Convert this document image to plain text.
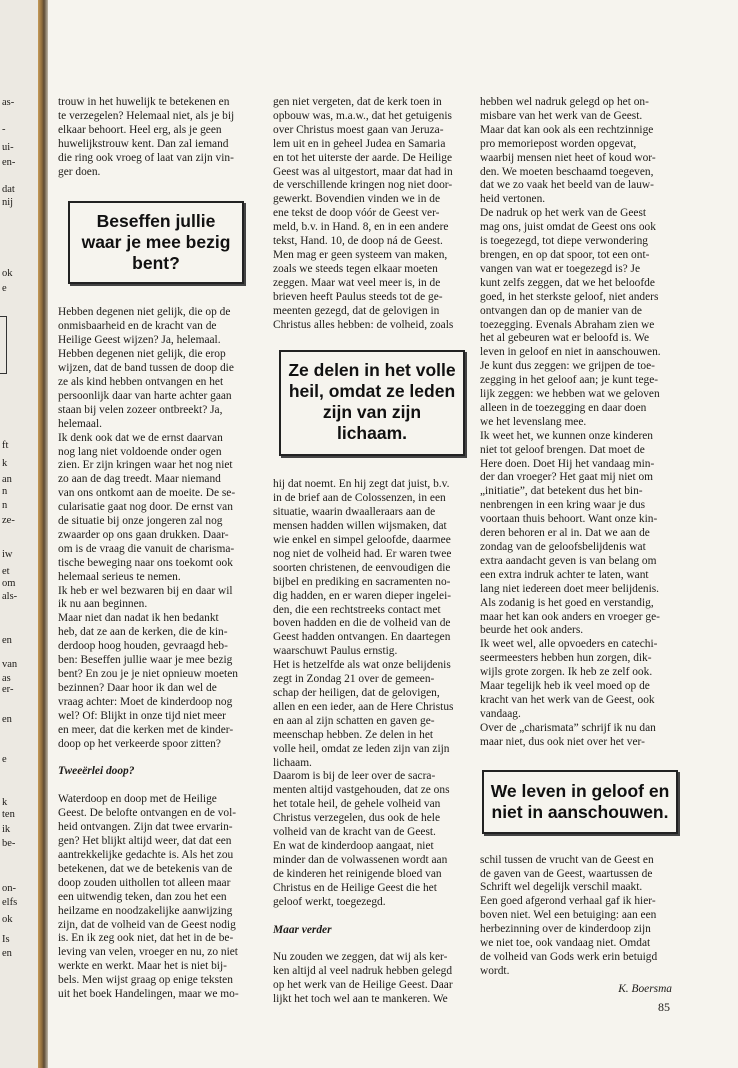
as-
-
ui-
en-
dat
nij
ok
e
ft
k
an
n
n
ze-
iw
et
om
als-
en
van
as
er-
en
e
k
ten
ik
be-
on-
elfs
ok
Is
en

trouw in het huwelijk te betekenen en

te verzegelen? Helemaal niet, als je bij

elkaar behoort. Heel erg, als je geen

huwelijkstrouw kent. Dan zal iemand

die ring ook vroeg of laat van zijn vin-

ger doen.

Beseffen jullie waar je mee bezig bent?

Hebben degenen niet gelijk, die op de

onmisbaarheid en de kracht van de

Heilige Geest wijzen? Ja, helemaal.

Hebben degenen niet gelijk, die erop

wijzen, dat de band tussen de doop die

ze als kind hebben ontvangen en het

persoonlijk daar van harte achter gaan

staan bij velen zozeer ontbreekt? Ja,

helemaal.

Ik denk ook dat we de ernst daarvan

nog lang niet voldoende onder ogen

zien. Er zijn kringen waar het nog niet

zo aan de dag treedt. Maar niemand

van ons ontkomt aan de moeite. De se-

cularisatie gaat nog door. De ernst van

de situatie bij onze jongeren zal nog

zwaarder op ons gaan drukken. Daar-

om is de vraag die vanuit de charisma-

tische beweging naar ons toekomt ook

helemaal serieus te nemen.

Ik heb er wel bezwaren bij en daar wil

ik nu aan beginnen.

Maar niet dan nadat ik hen bedankt

heb, dat ze aan de kerken, die de kin-

derdoop hoog houden, gevraagd heb-

ben: Beseffen jullie waar je mee bezig

bent? En zou je je niet opnieuw moeten

bezinnen? Daar hoor ik dan wel de

vraag achter: Moet de kinderdoop nog

wel? Of: Blijkt in onze tijd niet meer

en meer, dat die kerken met de kinder-

doop op het verkeerde spoor zitten?

Tweeërlei doop?

Waterdoop en doop met de Heilige

Geest. De belofte ontvangen en de vol-

heid ontvangen. Zijn dat twee ervarin-

gen? Het blijkt altijd weer, dat dat een

aantrekkelijke gedachte is. Als het zou

betekenen, dat we de betekenis van de

doop zouden uithollen tot alleen maar

een uitwendig teken, dan zou het een

heilzame en noodzakelijke aanwijzing

zijn, dat de volheid van de Geest nodig

is. En ik zeg ook niet, dat het in de be-

leving van velen, vroeger en nu, zo niet

werkte en werkt. Maar het is niet bij-

bels. Men wijst graag op enige teksten

uit het boek Handelingen, maar we mo-

gen niet vergeten, dat de kerk toen in

opbouw was, m.a.w., dat het getuigenis

over Christus moest gaan van Jeruza-

lem uit en in geheel Judea en Samaria

en tot het uiterste der aarde. De Heilige

Geest was al uitgestort, maar dat had in

de verschillende kringen nog niet door-

gewerkt. Bovendien vinden we in de

ene tekst de doop vóór de Geest ver-

meld, b.v. in Hand. 8, en in een andere

tekst, Hand. 10, de doop ná de Geest.

Men mag er geen systeem van maken,

zoals we steeds tegen elkaar moeten

zeggen. Maar wat veel meer is, in de

brieven heeft Paulus steeds tot de ge-

meenten gezegd, dat de gelovigen in

Christus alles hebben: de volheid, zoals

Ze delen in het volle heil, omdat ze leden zijn van zijn lichaam.

hij dat noemt. En hij zegt dat juist, b.v.

in de brief aan de Colossenzen, in een

situatie, waarin dwaalleraars aan de

mensen hadden willen wijsmaken, dat

wie enkel en simpel geloofde, daarmee

nog niet de volheid had. Er waren twee

soorten christenen, de eenvoudigen die

bijbel en prediking en sacramenten no-

dig hadden, en er waren dieper ingelei-

den, die een rechtstreeks contact met

boven hadden en die de volheid van de

Geest hadden ontvangen. En daartegen

waarschuwt Paulus ernstig.

Het is hetzelfde als wat onze belijdenis

zegt in Zondag 21 over de gemeen-

schap der heiligen, dat de gelovigen,

allen en een ieder, aan de Here Christus

en aan al zijn schatten en gaven ge-

meenschap hebben. Ze delen in het

volle heil, omdat ze leden zijn van zijn

lichaam.

Daarom is bij de leer over de sacra-

menten altijd vastgehouden, dat ze ons

het totale heil, de gehele volheid van

Christus verzegelen, dus ook de hele

volheid van de kracht van de Geest.

En wat de kinderdoop aangaat, niet

minder dan de volwassenen wordt aan

de kinderen het reinigende bloed van

Christus en de Heilige Geest die het

geloof werkt, toegezegd.

Maar verder

Nu zouden we zeggen, dat wij als ker-

ken altijd al veel nadruk hebben gelegd

op het werk van de Heilige Geest. Daar

lijkt het toch wel aan te mankeren. We

hebben wel nadruk gelegd op het on-

misbare van het werk van de Geest.

Maar dat kan ook als een rechtzinnige

pro memoriepost worden opgevat,

waarbij mensen niet heet of koud wor-

den. We moeten beschaamd toegeven,

dat we zo vaak het beeld van de lauw-

heid vertonen.

De nadruk op het werk van de Geest

mag ons, juist omdat de Geest ons ook

is toegezegd, tot diepe verwondering

brengen, en op dat spoor, tot een ont-

vangen van wat er toegezegd is? Je

kunt zelfs zeggen, dat we het beloofde

goed, in het sterkste geloof, niet anders

ontvangen dan op de manier van de

toezegging. Evenals Abraham zien we

het al gebeuren wat er beloofd is. We

leven in geloof en niet in aanschouwen.

Je kunt dus zeggen: we grijpen de toe-

zegging in het geloof aan; je kunt tege-

lijk zeggen: we hebben wat we geloven

alleen in de toezegging en daar doen

we het levenslang mee.

Ik weet het, we kunnen onze kinderen

niet tot geloof brengen. Dat moet de

Here doen. Doet Hij het vandaag min-

der dan vroeger? Het gaat mij niet om

„initiatie”, dat betekent dus het bin-

nenbrengen in een kring waar je dus

voortaan thuis behoort. Want onze kin-

deren behoren er al in. Dat we aan de

zondag van de geloofsbelijdenis wat

extra aandacht geven is van belang om

een extra indruk achter te laten, want

lang niet iedereen doet meer belijdenis.

Als zodanig is het goed en verstandig,

maar het kan ook anders en vroeger ge-

beurde het ook anders.

Ik weet wel, alle opvoeders en catechi-

seermeesters hebben hun zorgen, dik-

wijls grote zorgen. Ik heb ze zelf ook.

Maar tegelijk heb ik veel moed op de

kracht van het werk van de Geest, ook

vandaag.

Over de „charismata” schrijf ik nu dan

maar niet, dus ook niet over het ver-

We leven in geloof en niet in aanschouwen.

schil tussen de vrucht van de Geest en

de gaven van de Geest, waartussen de

Schrift wel degelijk verschil maakt.

Een goed afgerond verhaal gaf ik hier-

boven niet. Wel een betuiging: aan een

herbezinning over de kinderdoop zijn

we niet toe, ook vandaag niet. Omdat

de volheid van Gods werk erin betuigd

wordt.

K. Boersma

85
